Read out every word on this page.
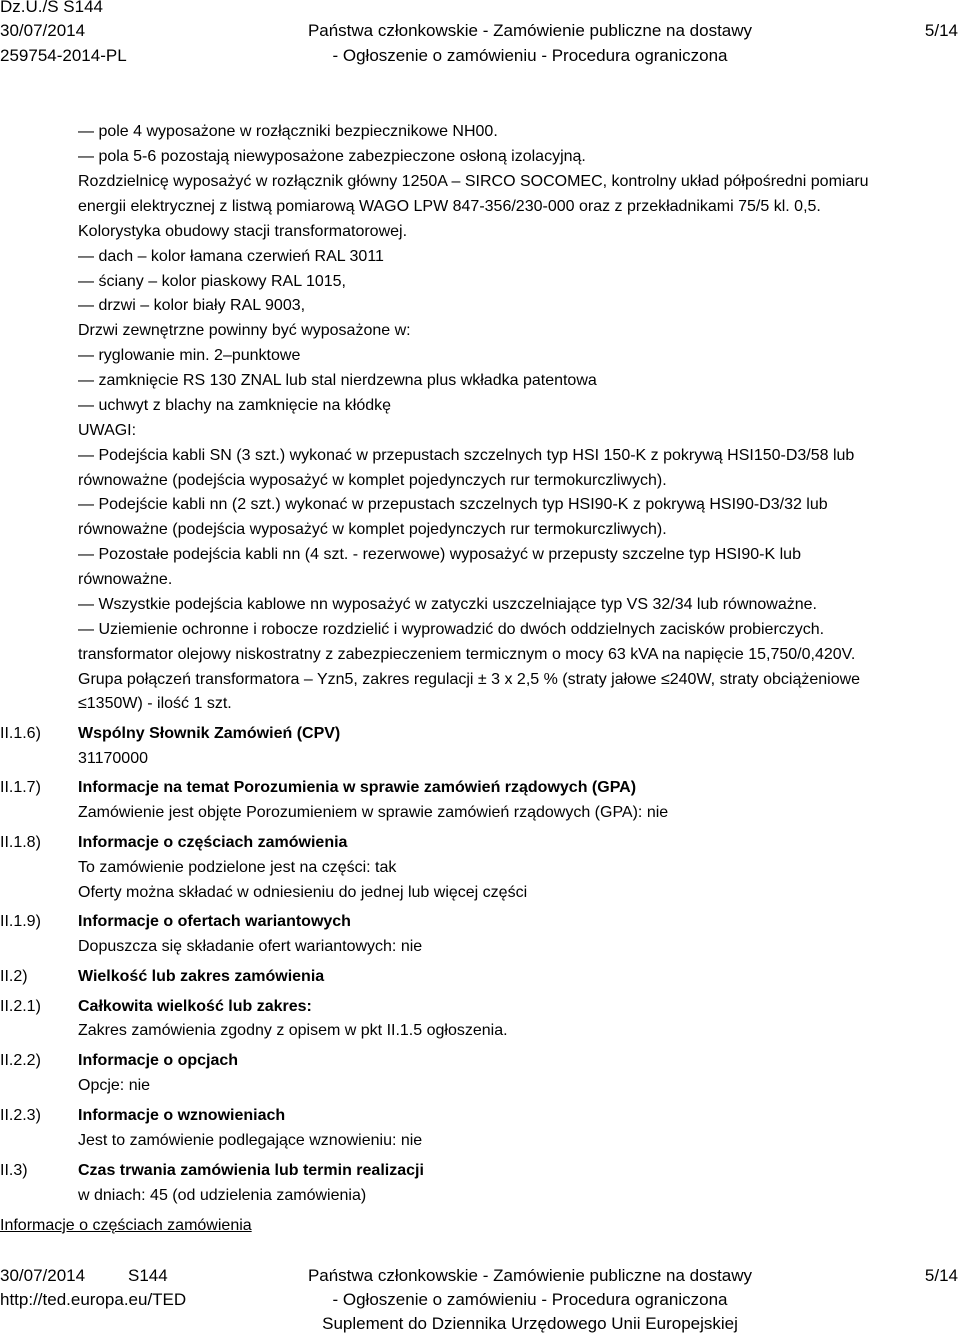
Dz.U./S S144
30/07/2014
259754-2014-PL
Państwa członkowskie - Zamówienie publiczne na dostawy
- Ogłoszenie o zamówieniu - Procedura ograniczona
5/14
— pole 4 wyposażone w rozłączniki bezpiecznikowe NH00.
— pola 5-6 pozostają niewyposażone zabezpieczone osłoną izolacyjną.
Rozdzielnicę wyposażyć w rozłącznik główny 1250A – SIRCO SOCOMEC, kontrolny układ półpośredni pomiaru
energii elektrycznej z listwą pomiarową WAGO LPW 847-356/230-000 oraz z przekładnikami 75/5 kl. 0,5.
Kolorystyka obudowy stacji transformatorowej.
— dach – kolor łamana czerwień RAL 3011
— ściany – kolor piaskowy RAL 1015,
— drzwi – kolor biały RAL 9003,
Drzwi zewnętrzne powinny być wyposażone w:
— ryglowanie min. 2–punktowe
— zamknięcie RS 130 ZNAL lub stal nierdzewna plus wkładka patentowa
— uchwyt z blachy na zamknięcie na kłódkę
UWAGI:
— Podejścia kabli SN (3 szt.) wykonać w przepustach szczelnych typ HSI 150-K z pokrywą HSI150-D3/58 lub
równoważne (podejścia wyposażyć w komplet pojedynczych rur termokurczliwych).
— Podejście kabli nn (2 szt.) wykonać w przepustach szczelnych typ HSI90-K z pokrywą HSI90-D3/32 lub
równoważne (podejścia wyposażyć w komplet pojedynczych rur termokurczliwych).
— Pozostałe podejścia kabli nn (4 szt. - rezerwowe) wyposażyć w przepusty szczelne typ HSI90-K lub
równoważne.
— Wszystkie podejścia kablowe nn wyposażyć w zatyczki uszczelniające typ VS 32/34 lub równoważne.
— Uziemienie ochronne i robocze rozdzielić i wyprowadzić do dwóch oddzielnych zacisków probierczych.
transformator olejowy niskostratny z zabezpieczeniem termicznym o mocy 63 kVA na napięcie 15,750/0,420V.
Grupa połączeń transformatora – Yzn5, zakres regulacji ± 3 x 2,5 % (straty jałowe ≤240W, straty obciążeniowe
≤1350W) - ilość 1 szt.
II.1.6) Wspólny Słownik Zamówień (CPV)
31170000
II.1.7) Informacje na temat Porozumienia w sprawie zamówień rządowych (GPA)
Zamówienie jest objęte Porozumieniem w sprawie zamówień rządowych (GPA): nie
II.1.8) Informacje o częściach zamówienia
To zamówienie podzielone jest na części: tak
Oferty można składać w odniesieniu do jednej lub więcej części
II.1.9) Informacje o ofertach wariantowych
Dopuszcza się składanie ofert wariantowych: nie
II.2)	Wielkość lub zakres zamówienia
II.2.1) Całkowita wielkość lub zakres:
Zakres zamówienia zgodny z opisem w pkt II.1.5 ogłoszenia.
II.2.2) Informacje o opcjach
Opcje: nie
II.2.3) Informacje o wznowieniach
Jest to zamówienie podlegające wznowieniu: nie
II.3)	Czas trwania zamówienia lub termin realizacji
w dniach: 45 (od udzielenia zamówienia)
Informacje o częściach zamówienia
30/07/2014	S144
http://ted.europa.eu/TED
Państwa członkowskie - Zamówienie publiczne na dostawy
- Ogłoszenie o zamówieniu - Procedura ograniczona
Suplement do Dziennika Urzędowego Unii Europejskiej
5/14
